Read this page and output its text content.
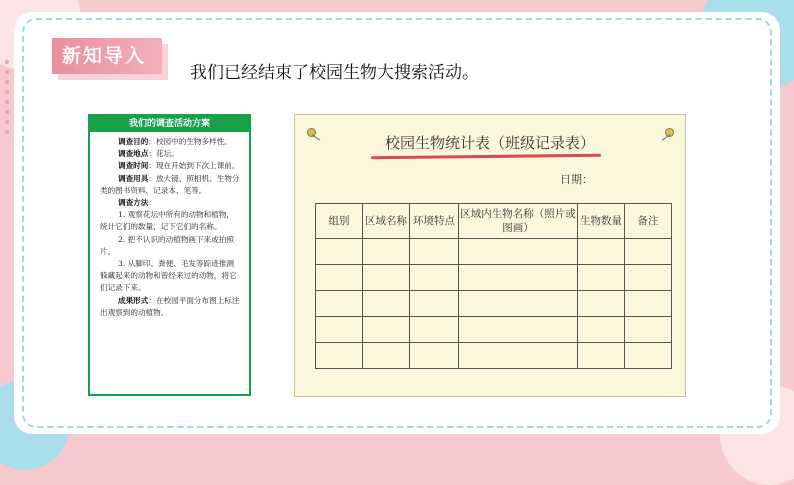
新知导入
我们已经结束了校园生物大搜索活动。
我们的调查活动方案

调查目的：校园中的生物多样性。

调查地点：花坛。

调查时间：现在开始到下次上课前。

调查用具：放大镜、照相机、生物分类的图书资料、记录本、笔等。

调查方法：

1. 观察花坛中所有的动物和植物，统计它们的数量，记下它们的名称。

2. 把不认识的动植物画下来或拍照片。

3. 从脚印、粪便、毛发等踪迹推测躲藏起来的动物和曾经来过的动物，将它们记录下来。

成果形式：在校园平面分布图上标注出观察到的动植物。

校园生物统计表（班级记录表）
日期：
组别	区域名称	环境特点	区域内生物名称（照片或图画）	生物数量	备注
